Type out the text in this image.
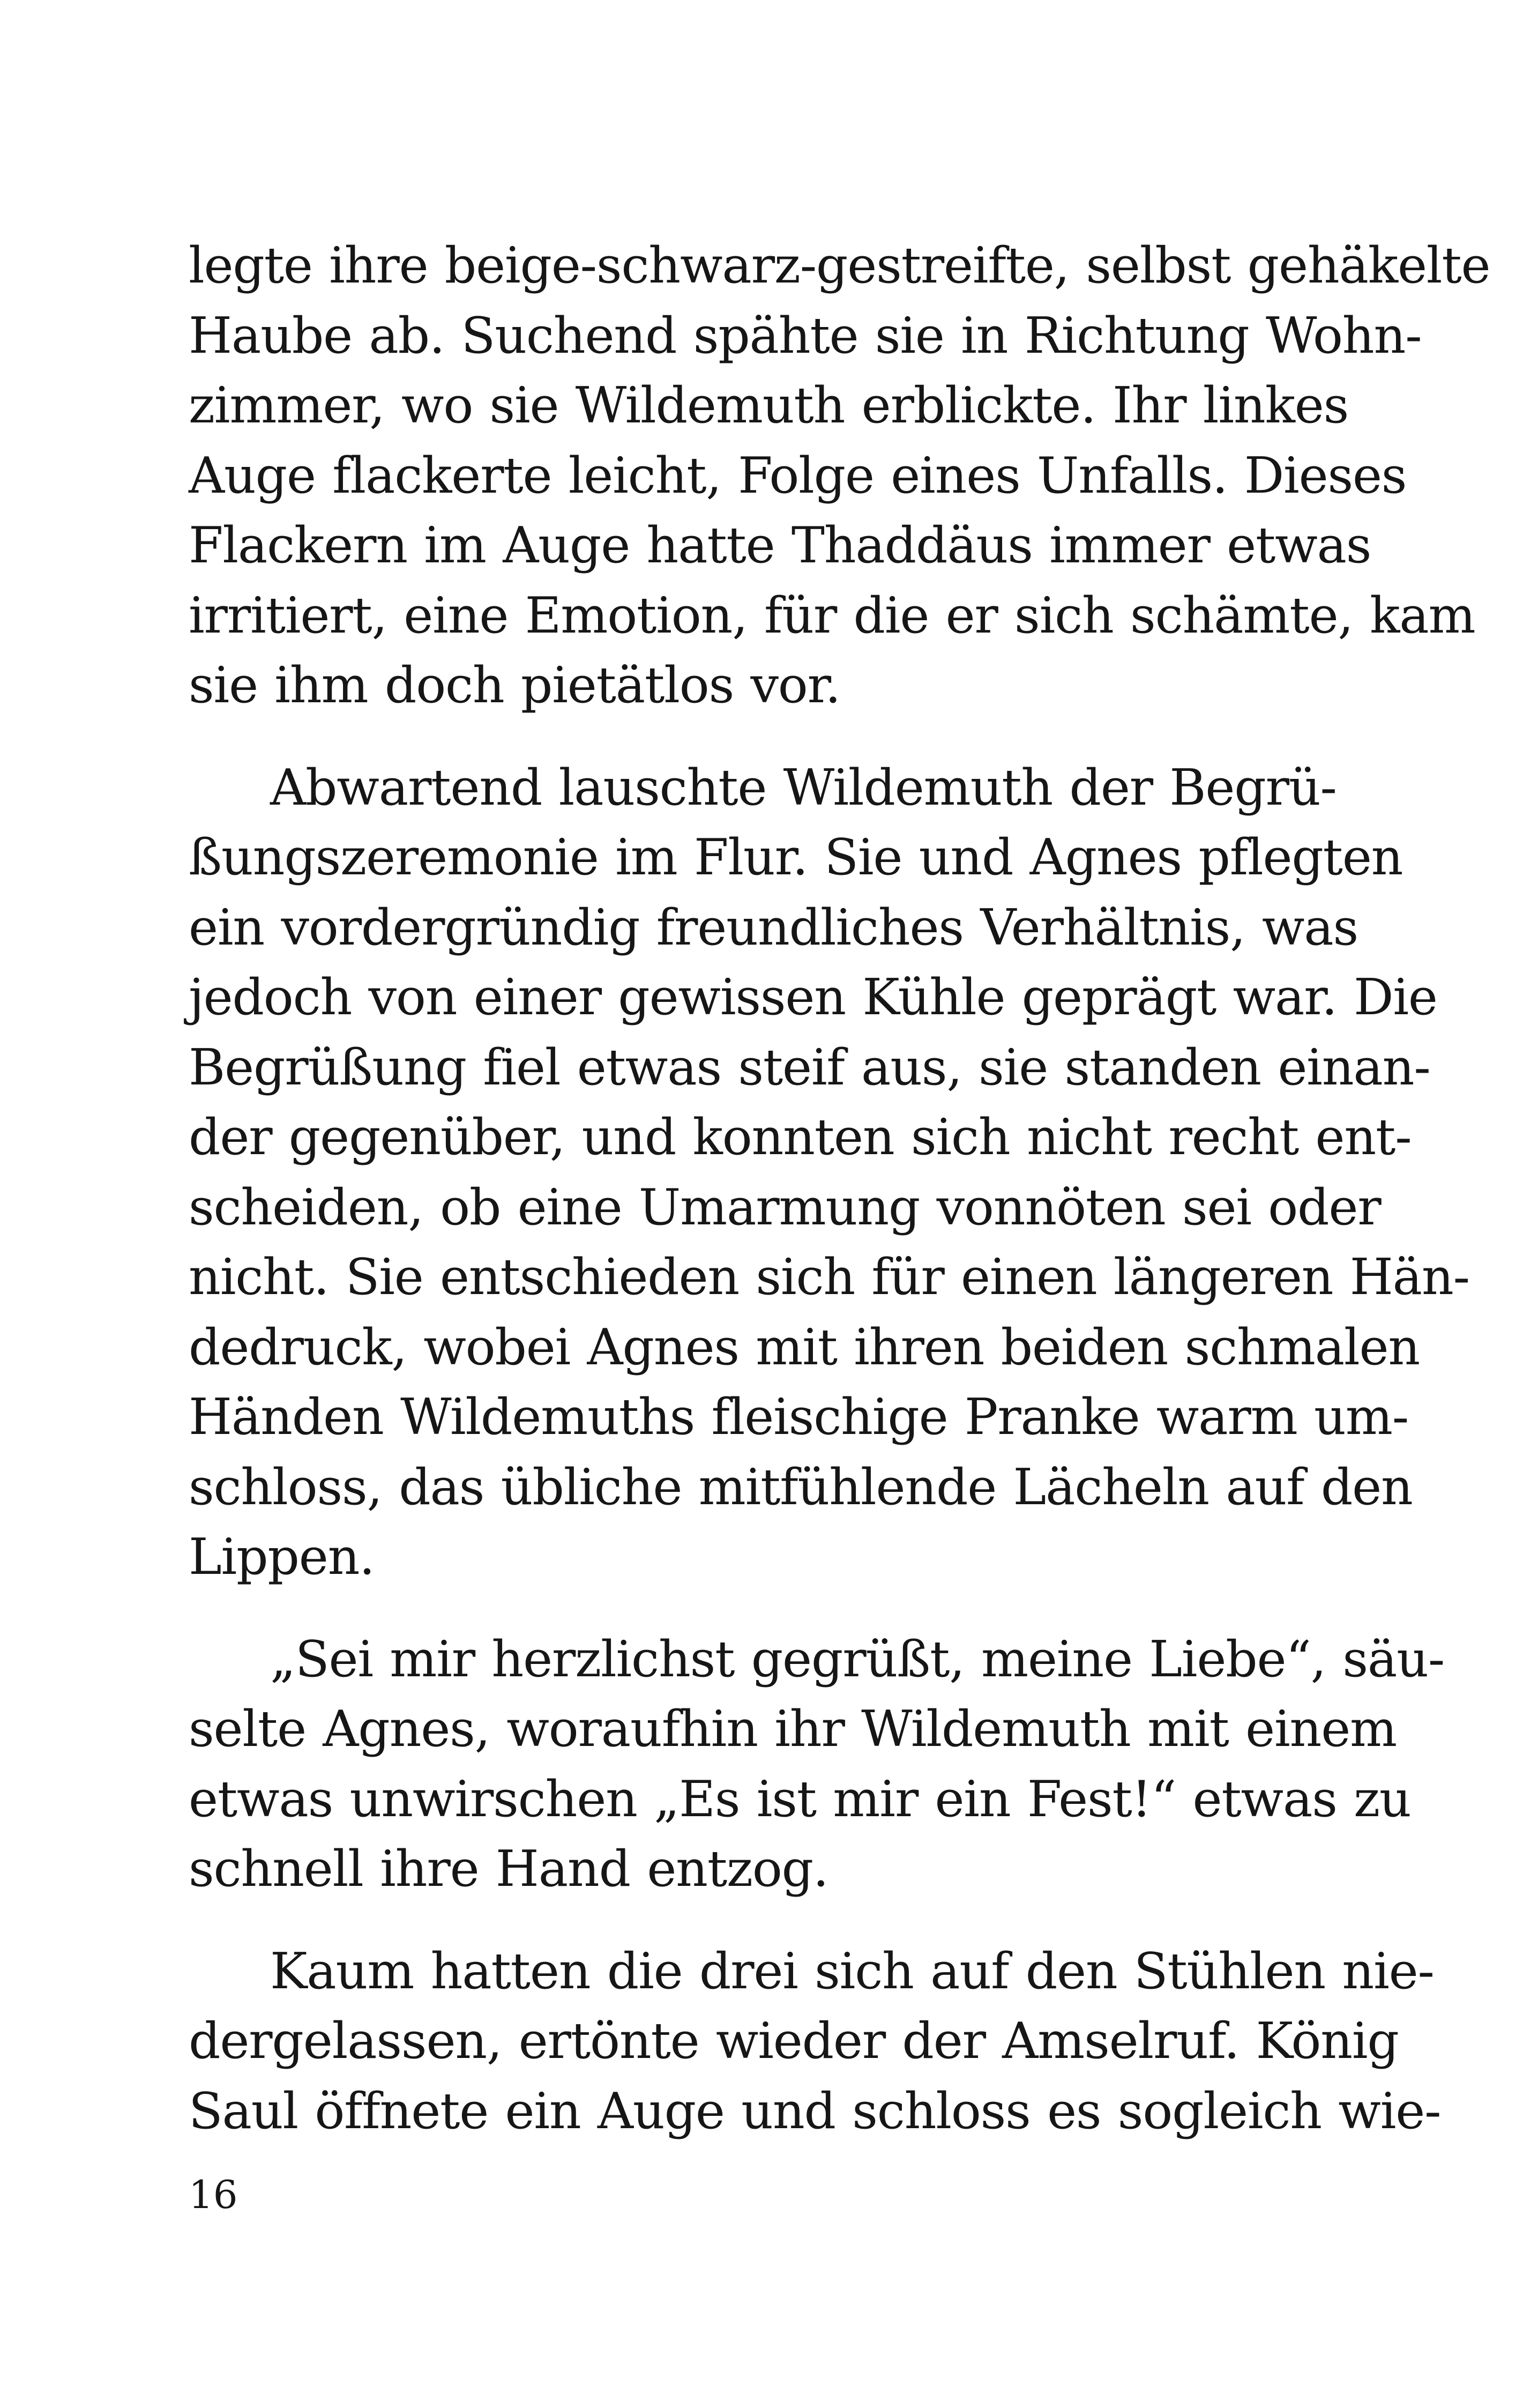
legte ihre beige-schwarz-gestreifte, selbst gehäkelte
Haube ab. Suchend spähte sie in Richtung Wohn-
zimmer, wo sie Wildemuth erblickte. Ihr linkes
Auge flackerte leicht, Folge eines Unfalls. Dieses
Flackern im Auge hatte Thaddäus immer etwas
irritiert, eine Emotion, für die er sich schämte, kam
sie ihm doch pietätlos vor.
Abwartend lauschte Wildemuth der Begrü-
ßungszeremonie im Flur. Sie und Agnes pflegten
ein vordergründig freundliches Verhältnis, was
jedoch von einer gewissen Kühle geprägt war. Die
Begrüßung fiel etwas steif aus, sie standen einan-
der gegenüber, und konnten sich nicht recht ent-
scheiden, ob eine Umarmung vonnöten sei oder
nicht. Sie entschieden sich für einen längeren Hän-
dedruck, wobei Agnes mit ihren beiden schmalen
Händen Wildemuths fleischige Pranke warm um-
schloss, das übliche mitfühlende Lächeln auf den
Lippen.
„Sei mir herzlichst gegrüßt, meine Liebe“, säu-
selte Agnes, woraufhin ihr Wildemuth mit einem
etwas unwirschen „Es ist mir ein Fest!“ etwas zu
schnell ihre Hand entzog.
Kaum hatten die drei sich auf den Stühlen nie-
dergelassen, ertönte wieder der Amselruf. König
Saul öffnete ein Auge und schloss es sogleich wie-
16
